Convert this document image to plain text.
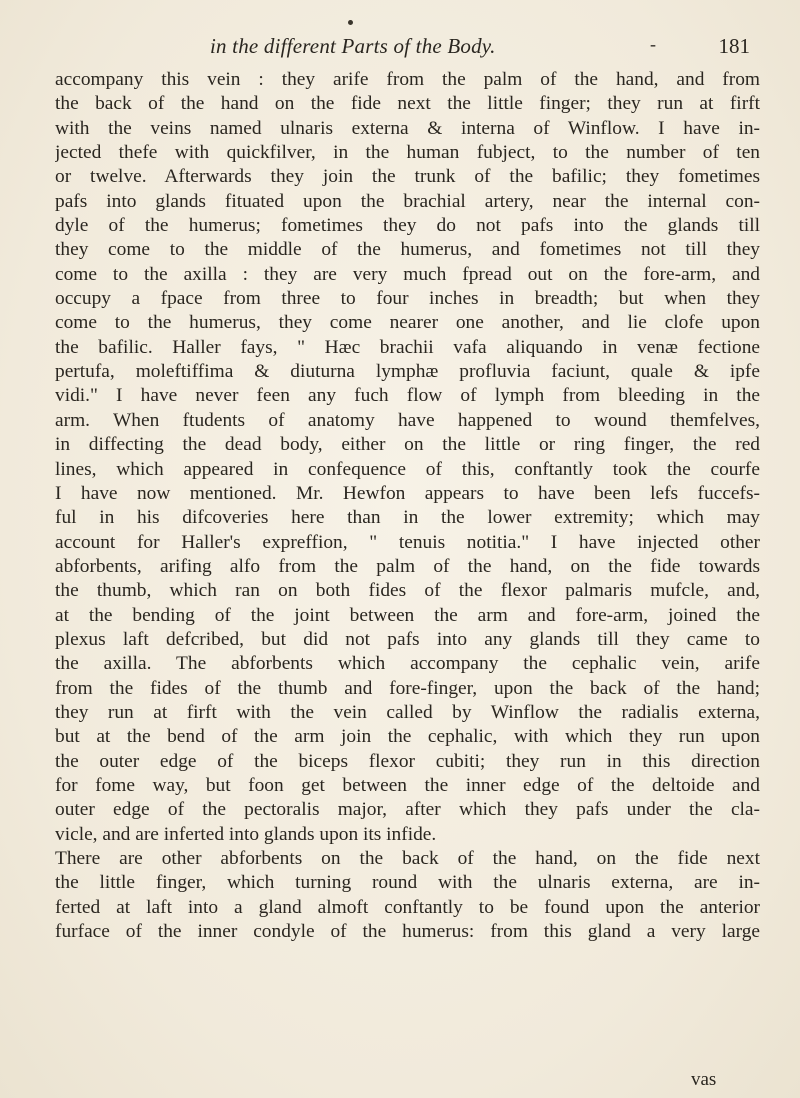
in the different Parts of the Body.	-	181
accompany this vein : they arife from the palm of the hand, and from
the back of the hand on the fide next the little finger; they run at firft
with the veins named ulnaris externa & interna of Winflow. I have in-
jected thefe with quickfilver, in the human fubject, to the number of ten
or twelve. Afterwards they join the trunk of the bafilic; they fometimes
pafs into glands fituated upon the brachial artery, near the internal con-
dyle of the humerus; fometimes they do not pafs into the glands till
they come to the middle of the humerus, and fometimes not till they
come to the axilla : they are very much fpread out on the fore-arm, and
occupy a fpace from three to four inches in breadth; but when they
come to the humerus, they come nearer one another, and lie clofe upon
the bafilic. Haller fays, " Hæc brachii vafa aliquando in venæ fectione
pertufa, moleftiffima & diuturna lymphæ profluvia faciunt, quale & ipfe
vidi." I have never feen any fuch flow of lymph from bleeding in the
arm. When ftudents of anatomy have happened to wound themfelves,
in diffecting the dead body, either on the little or ring finger, the red
lines, which appeared in confequence of this, conftantly took the courfe
I have now mentioned. Mr. Hewfon appears to have been lefs fuccefs-
ful in his difcoveries here than in the lower extremity; which may
account for Haller's expreffion, " tenuis notitia." I have injected other
abforbents, arifing alfo from the palm of the hand, on the fide towards
the thumb, which ran on both fides of the flexor palmaris mufcle, and,
at the bending of the joint between the arm and fore-arm, joined the
plexus laft defcribed, but did not pafs into any glands till they came to
the axilla. The abforbents which accompany the cephalic vein, arife
from the fides of the thumb and fore-finger, upon the back of the hand;
they run at firft with the vein called by Winflow the radialis externa,
but at the bend of the arm join the cephalic, with which they run upon
the outer edge of the biceps flexor cubiti; they run in this direction
for fome way, but foon get between the inner edge of the deltoide and
outer edge of the pectoralis major, after which they pafs under the cla-
vicle, and are inferted into glands upon its infide.
There are other abforbents on the back of the hand, on the fide next
the little finger, which turning round with the ulnaris externa, are in-
ferted at laft into a gland almoft conftantly to be found upon the anterior
furface of the inner condyle of the humerus: from this gland a very large
vas
